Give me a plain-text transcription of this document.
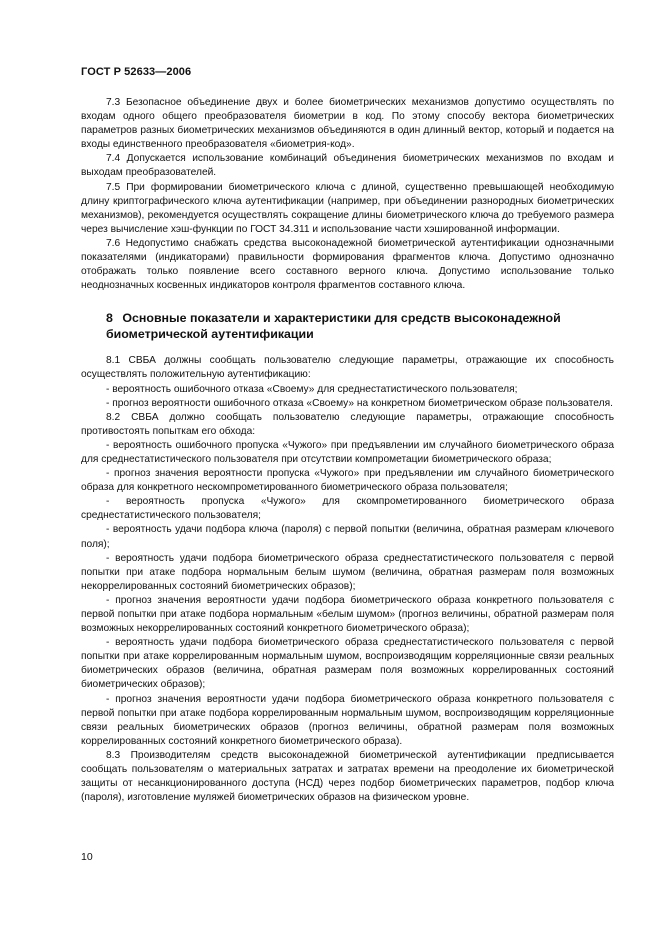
ГОСТ Р 52633—2006

7.3 Безопасное объединение двух и более биометрических механизмов допустимо осуществлять по входам одного общего преобразователя биометрии в код. По этому способу вектора биометрических параметров разных биометрических механизмов объединяются в один длинный вектор, который и подается на входы единственного преобразователя «биометрия-код».

7.4 Допускается использование комбинаций объединения биометрических механизмов по входам и выходам преобразователей.

7.5 При формировании биометрического ключа с длиной, существенно превышающей необходимую длину криптографического ключа аутентификации (например, при объединении разнородных биометрических механизмов), рекомендуется осуществлять сокращение длины биометрического ключа до требуемого размера через вычисление хэш-функции по ГОСТ 34.311 и использование части хэшированной информации.

7.6 Недопустимо снабжать средства высоконадежной биометрической аутентификации однозначными показателями (индикаторами) правильности формирования фрагментов ключа. Допустимо однозначно отображать только появление всего составного верного ключа. Допустимо использование только неоднозначных косвенных индикаторов контроля фрагментов составного ключа.

8 Основные показатели и характеристики для средств высоконадежной
биометрической аутентификации

8.1 СВБА должны сообщать пользователю следующие параметры, отражающие их способность осуществлять положительную аутентификацию:

- вероятность ошибочного отказа «Своему» для среднестатистического пользователя;

- прогноз вероятности ошибочного отказа «Своему» на конкретном биометрическом образе пользователя.

8.2 СВБА должно сообщать пользователю следующие параметры, отражающие способность противостоять попыткам его обхода:

- вероятность ошибочного пропуска «Чужого» при предъявлении им случайного биометрического образа для среднестатистического пользователя при отсутствии компрометации биометрического образа;

- прогноз значения вероятности пропуска «Чужого» при предъявлении им случайного биометрического образа для конкретного нескомпрометированного биометрического образа пользователя;

- вероятность пропуска «Чужого» для скомпрометированного биометрического образа среднестатистического пользователя;

- вероятность удачи подбора ключа (пароля) с первой попытки (величина, обратная размерам ключевого поля);

- вероятность удачи подбора биометрического образа среднестатистического пользователя с первой попытки при атаке подбора нормальным белым шумом (величина, обратная размерам поля возможных некоррелированных состояний биометрических образов);

- прогноз значения вероятности удачи подбора биометрического образа конкретного пользователя с первой попытки при атаке подбора нормальным «белым шумом» (прогноз величины, обратной размерам поля возможных некоррелированных состояний конкретного биометрического образа);

- вероятность удачи подбора биометрического образа среднестатистического пользователя с первой попытки при атаке коррелированным нормальным шумом, воспроизводящим корреляционные связи реальных биометрических образов (величина, обратная размерам поля возможных коррелированных состояний биометрических образов);

- прогноз значения вероятности удачи подбора биометрического образа конкретного пользователя с первой попытки при атаке подбора коррелированным нормальным шумом, воспроизводящим корреляционные связи реальных биометрических образов (прогноз величины, обратной размерам поля возможных коррелированных состояний конкретного биометрического образа).

8.3 Производителям средств высоконадежной биометрической аутентификации предписывается сообщать пользователям о материальных затратах и затратах времени на преодоление их биометрической защиты от несанкционированного доступа (НСД) через подбор биометрических параметров, подбор ключа (пароля), изготовление муляжей биометрических образов на физическом уровне.

10
